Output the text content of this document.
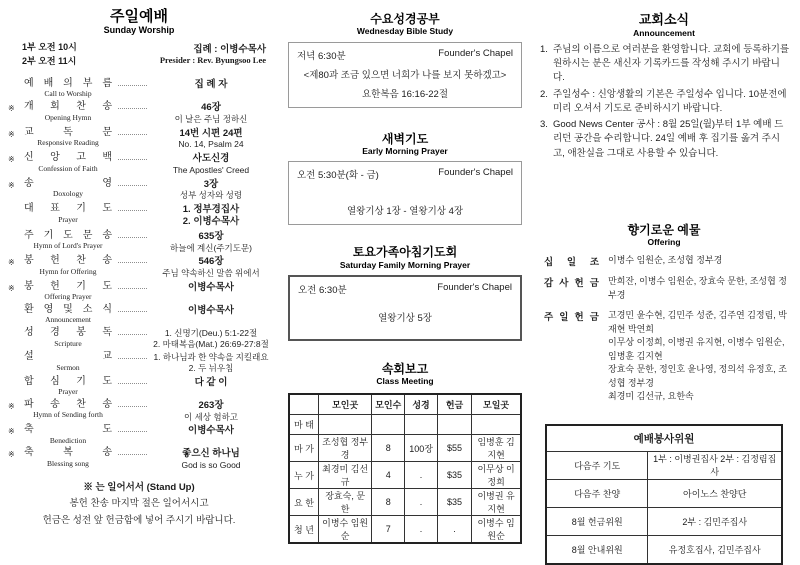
주일예배
Sunday Worship
1부 오전 10시
2부 오전 11시
집례 : 이병수목사
Presider : Rev. Byungsoo Lee
예 배 의 부 름
Call to Worship
집 례 자
※ 개 회 찬 송
Opening Hymn
46장
이 날은 주님 정하신
※ 교 독 문
Responsive Reading
14번 시편 24편
No. 14, Psalm 24
※ 신 앙 고 백
Confession of Faith
사도신경
The Apostles' Creed
※ 송 영
Doxology
3장
성부 성자와 성령
대 표 기 도
Prayer
1. 정부경집사
2. 이병수목사
주 기 도 문 송
Hymn of Lord's Prayer
635장
하늘에 계신(주기도문)
※ 봉 헌 찬 송
Hymn for Offering
546장
주님 약속하신 말씀 위에서
※ 봉 헌 기 도
Offering Prayer
이병수목사
환 영 및 소 식
Announcement
이병수목사
성 경 봉 독
Scripture
1. 신명기(Deu.) 5:1-22절
2. 마태복음(Mat.) 26:69-27:8절
설 교
Sermon
1. 하나님과 한 약속을 지킬래요
2. 두 뉘우침
합 심 기 도
Prayer
다 같 이
※ 파 송 찬 송
Hymn of Sending forth
263장
이 세상 험하고
※ 축 도
Benediction
이병수목사
※ 축 복 송
Blessing song
좋으신 하나님
God is so Good
※ 는 일어서서 (Stand Up)
봉헌 찬송 마지막 절은 일어서시고
헌금은 성전 앞 헌금함에 넣어 주시기 바랍니다.
수요성경공부
Wednesday Bible Study
저녁 6:30분	Founder's Chapel
<제80과 조금 있으면 너희가 나를 보지 못하겠고>
요한복음 16:16-22절
새벽기도
Early Morning Prayer
오전 5:30분(화 - 금)	Founder's Chapel
열왕기상 1장 - 열왕기상 4장
토요가족아침기도회
Saturday Family Morning Prayer
오전 6:30분	Founder's Chapel
열왕기상 5장
속회보고
Class Meeting
	모인곳	모인수	성경	헌금	모일곳
마 태					
마 가	조성협 정부경	8	100장	$55	임병훈 김지현
누 가	최경미 김선규	4	.	$35	이무상 이정희
요 한	장효숙, 문한	8	.	$35	이병권 유지현
청 년	이병수 임원순	7	.	.	이병수 임원순
교회소식
Announcement
1. 주님의 이름으로 여러분을 환영합니다. 교회에 등록하기를 원하시는 분은 새신자 기록카드를 작성해 주시기 바랍니다.
2. 주일성수 : 신앙생활의 기본은 주일성수 입니다. 10분전에 미리 오셔서 기도로 준비하시기 바랍니다.
3. Good News Center 공사 : 8월 25일(월)부터 1부 예배 드리던 공간을 수리합니다. 24일 예배 후 집기를 옮겨 주시고, 애찬실을 그대로 사용할 수 있습니다.
향기로운 예물
Offering
십 일 조 이병수 임원순, 조성협 정부경
감 사 헌 금 만희잔, 이병수 임원순, 장효숙 문한, 조성협 정부경
주 일 헌 금 고경민 윤수현, 김민주 성준, 김주연 김정림, 박재현 박연희
이무상 이정희, 이병권 유지현, 이병수 임원순, 임병훈 김지현
장효숙 문한, 정인호 윤나영, 정의석 유정호, 조성협 정부경
최경미 김선규, 요한속
예배봉사위원	
다음주 기도	1부 : 이병권집사 2부 : 김정림집사
다음주 찬양	아이노스 찬양단
8월 헌금위원	2부 : 김민주집사
8월 안내위원	유정호집사, 김민주집사
